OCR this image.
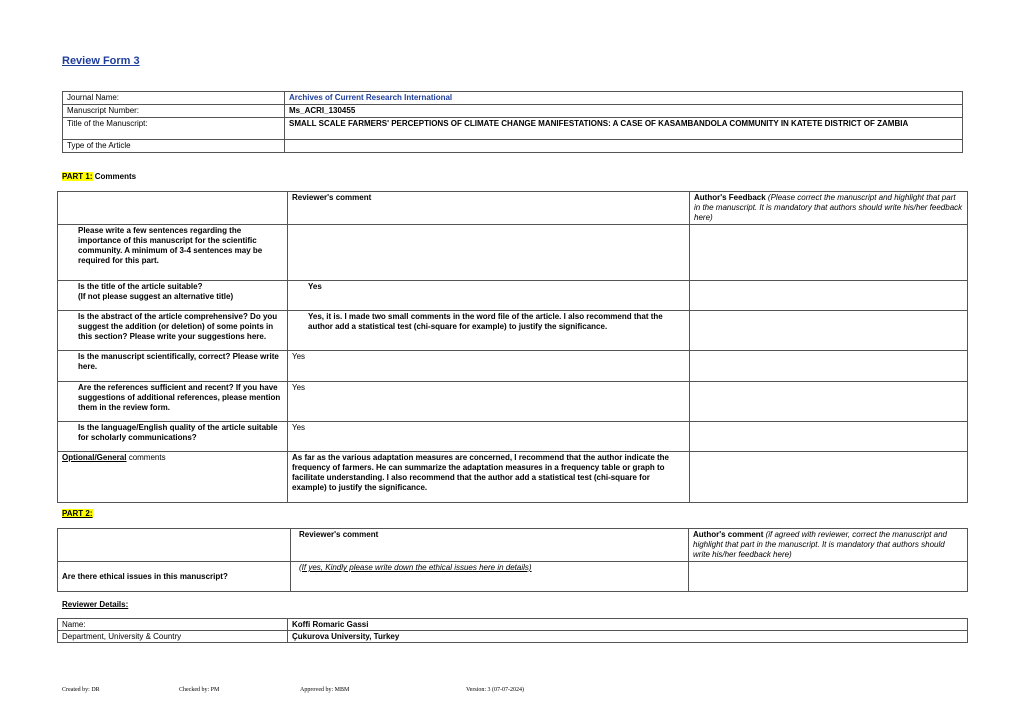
Review Form 3
Journal Name:	Archives of Current Research International
Manuscript Number:	Ms_ACRI_130455
Title of the Manuscript:	SMALL SCALE FARMERS' PERCEPTIONS OF CLIMATE CHANGE MANIFESTATIONS: A CASE OF KASAMBANDOLA COMMUNITY IN KATETE DISTRICT OF ZAMBIA
Type of the Article	
PART 1: Comments
	Reviewer's comment	Author's Feedback (Please correct the manuscript and highlight that part in the manuscript. It is mandatory that authors should write his/her feedback here)
Please write a few sentences regarding the importance of this manuscript for the scientific community. A minimum of 3-4 sentences may be required for this part.		
Is the title of the article suitable?
(If not please suggest an alternative title)	Yes	
Is the abstract of the article comprehensive? Do you suggest the addition (or deletion) of some points in this section? Please write your suggestions here.	Yes, it is. I made two small comments in the word file of the article. I also recommend that the author add a statistical test (chi-square for example) to justify the significance.	
Is the manuscript scientifically, correct? Please write here.	Yes	
Are the references sufficient and recent? If you have suggestions of additional references, please mention them in the review form.	Yes	
Is the language/English quality of the article suitable for scholarly communications?	Yes	
Optional/General comments	As far as the various adaptation measures are concerned, I recommend that the author indicate the frequency of farmers. He can summarize the adaptation measures in a frequency table or graph to facilitate understanding. I also recommend that the author add a statistical test (chi-square for example) to justify the significance.	
PART 2:
	Reviewer's comment	Author's comment (if agreed with reviewer, correct the manuscript and highlight that part in the manuscript. It is mandatory that authors should write his/her feedback here)
Are there ethical issues in this manuscript?	(If yes, Kindly please write down the ethical issues here in details)	
Reviewer Details:
Name:	Koffi Romaric Gassi
Department, University & Country	Çukurova University, Turkey
Created by: DR	Checked by: PM	Approved by: MBM	Version: 3 (07-07-2024)
